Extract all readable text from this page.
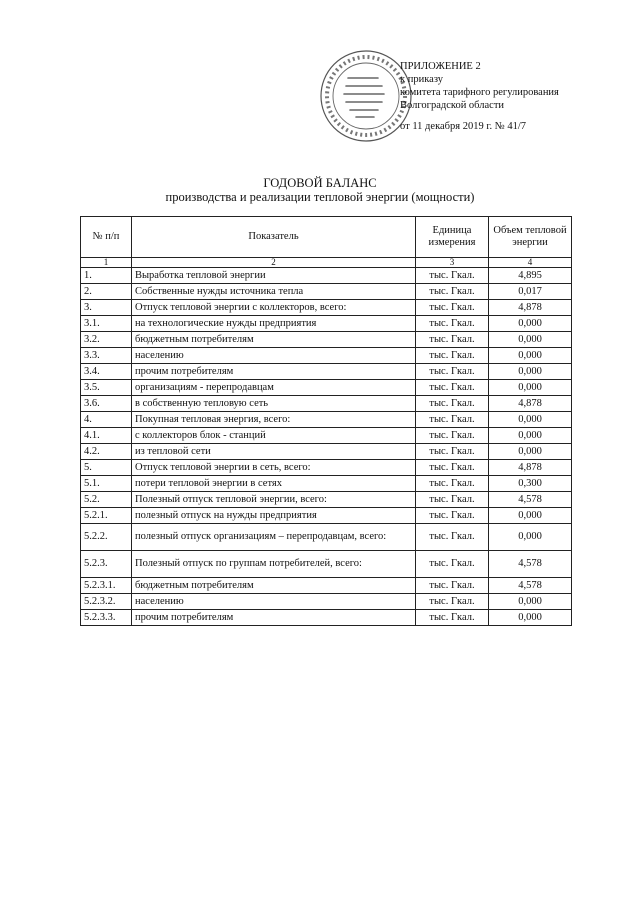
ПРИЛОЖЕНИЕ 2
к приказу
комитета тарифного регулирования
Волгоградской области
от 11 декабря 2019 г. № 41/7
ГОДОВОЙ БАЛАНС
производства и реализации тепловой энергии (мощности)
№ п/п	Показатель	Единица измерения	Объем тепловой энергии
1	2	3	4
1.	Выработка тепловой энергии	тыс. Гкал.	4,895
2.	Собственные нужды источника тепла	тыс. Гкал.	0,017
3.	Отпуск тепловой энергии с коллекторов, всего:	тыс. Гкал.	4,878
3.1.	на технологические нужды предприятия	тыс. Гкал.	0,000
3.2.	бюджетным потребителям	тыс. Гкал.	0,000
3.3.	населению	тыс. Гкал.	0,000
3.4.	прочим потребителям	тыс. Гкал.	0,000
3.5.	организациям - перепродавцам	тыс. Гкал.	0,000
3.6.	в собственную тепловую сеть	тыс. Гкал.	4,878
4.	Покупная тепловая энергия, всего:	тыс. Гкал.	0,000
4.1.	с коллекторов блок - станций	тыс. Гкал.	0,000
4.2.	из тепловой сети	тыс. Гкал.	0,000
5.	Отпуск тепловой энергии в сеть, всего:	тыс. Гкал.	4,878
5.1.	потери тепловой энергии в сетях	тыс. Гкал.	0,300
5.2.	Полезный отпуск тепловой энергии, всего:	тыс. Гкал.	4,578
5.2.1.	полезный отпуск на нужды предприятия	тыс. Гкал.	0,000
5.2.2.	полезный отпуск организациям – перепродавцам, всего:	тыс. Гкал.	0,000
5.2.3.	Полезный отпуск по группам потребителей, всего:	тыс. Гкал.	4,578
5.2.3.1.	бюджетным потребителям	тыс. Гкал.	4,578
5.2.3.2.	населению	тыс. Гкал.	0,000
5.2.3.3.	прочим потребителям	тыс. Гкал.	0,000
